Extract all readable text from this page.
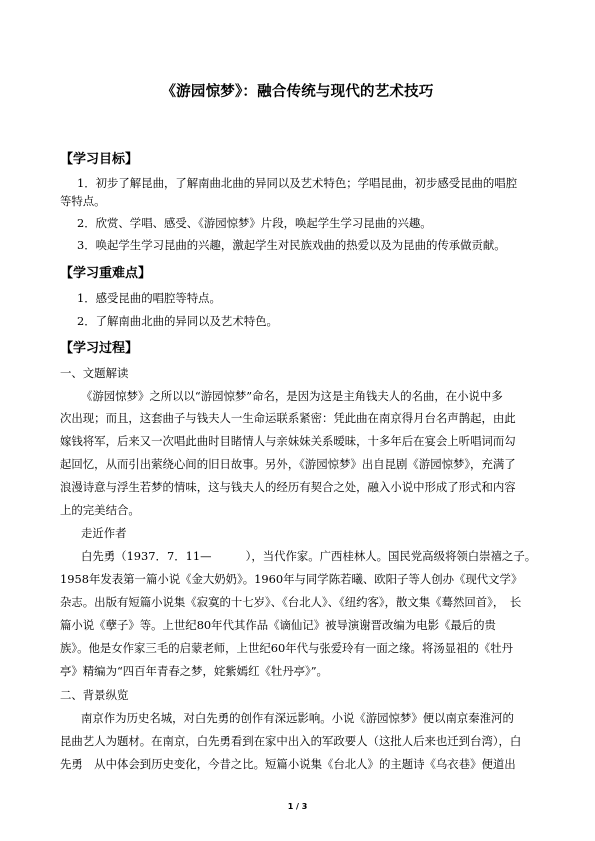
《游园惊梦》：融合传统与现代的艺术技巧
【学习目标】
1．初步了解昆曲，了解南曲北曲的异同以及艺术特色；学唱昆曲，初步感受昆曲的唱腔
等特点。
2．欣赏、学唱、感受、《游园惊梦》片段，唤起学生学习昆曲的兴趣。
3．唤起学生学习昆曲的兴趣，激起学生对民族戏曲的热爱以及为昆曲的传承做贡献。
【学习重难点】
1．感受昆曲的唱腔等特点。
2．了解南曲北曲的异同以及艺术特色。
【学习过程】
一、文题解读
《游园惊梦》之所以以“游园惊梦”命名，是因为这是主角钱夫人的名曲，在小说中多
次出现；而且，这套曲子与钱夫人一生命运联系紧密：凭此曲在南京得月台名声鹊起，由此
嫁钱将军，后来又一次唱此曲时目睹情人与亲妹妹关系暧昧，十多年后在宴会上听唱词而勾
起回忆，从而引出萦绕心间的旧日故事。另外，《游园惊梦》出自昆剧《游园惊梦》，充满了
浪漫诗意与浮生若梦的情味，这与钱夫人的经历有契合之处，融入小说中形成了形式和内容
上的完美结合。
走近作者
白先勇（1937．7．11—　　　），当代作家。广西桂林人。国民党高级将领白崇禧之子。
1958年发表第一篇小说《金大奶奶》。1960年与同学陈若曦、欧阳子等人创办《现代文学》
杂志。出版有短篇小说集《寂寞的十七岁》、《台北人》、《纽约客》，散文集《蓦然回首》，　长
篇小说《孽子》等。上世纪80年代其作品《谪仙记》被导演谢晋改编为电影《最后的贵
族》。他是女作家三毛的启蒙老师，上世纪60年代与张爱玲有一面之缘。将汤显祖的《牡丹
亭》精编为“四百年青春之梦，姹紫嫣红《牡丹亭》”。
二、背景纵览
南京作为历史名城，对白先勇的创作有深远影响。小说《游园惊梦》便以南京秦淮河的
昆曲艺人为题材。在南京，白先勇看到在家中出入的军政要人（这批人后来也迁到台湾），白
先勇　从中体会到历史变化，今昔之比。短篇小说集《台北人》的主题诗《乌衣巷》便道出
1 / 3
